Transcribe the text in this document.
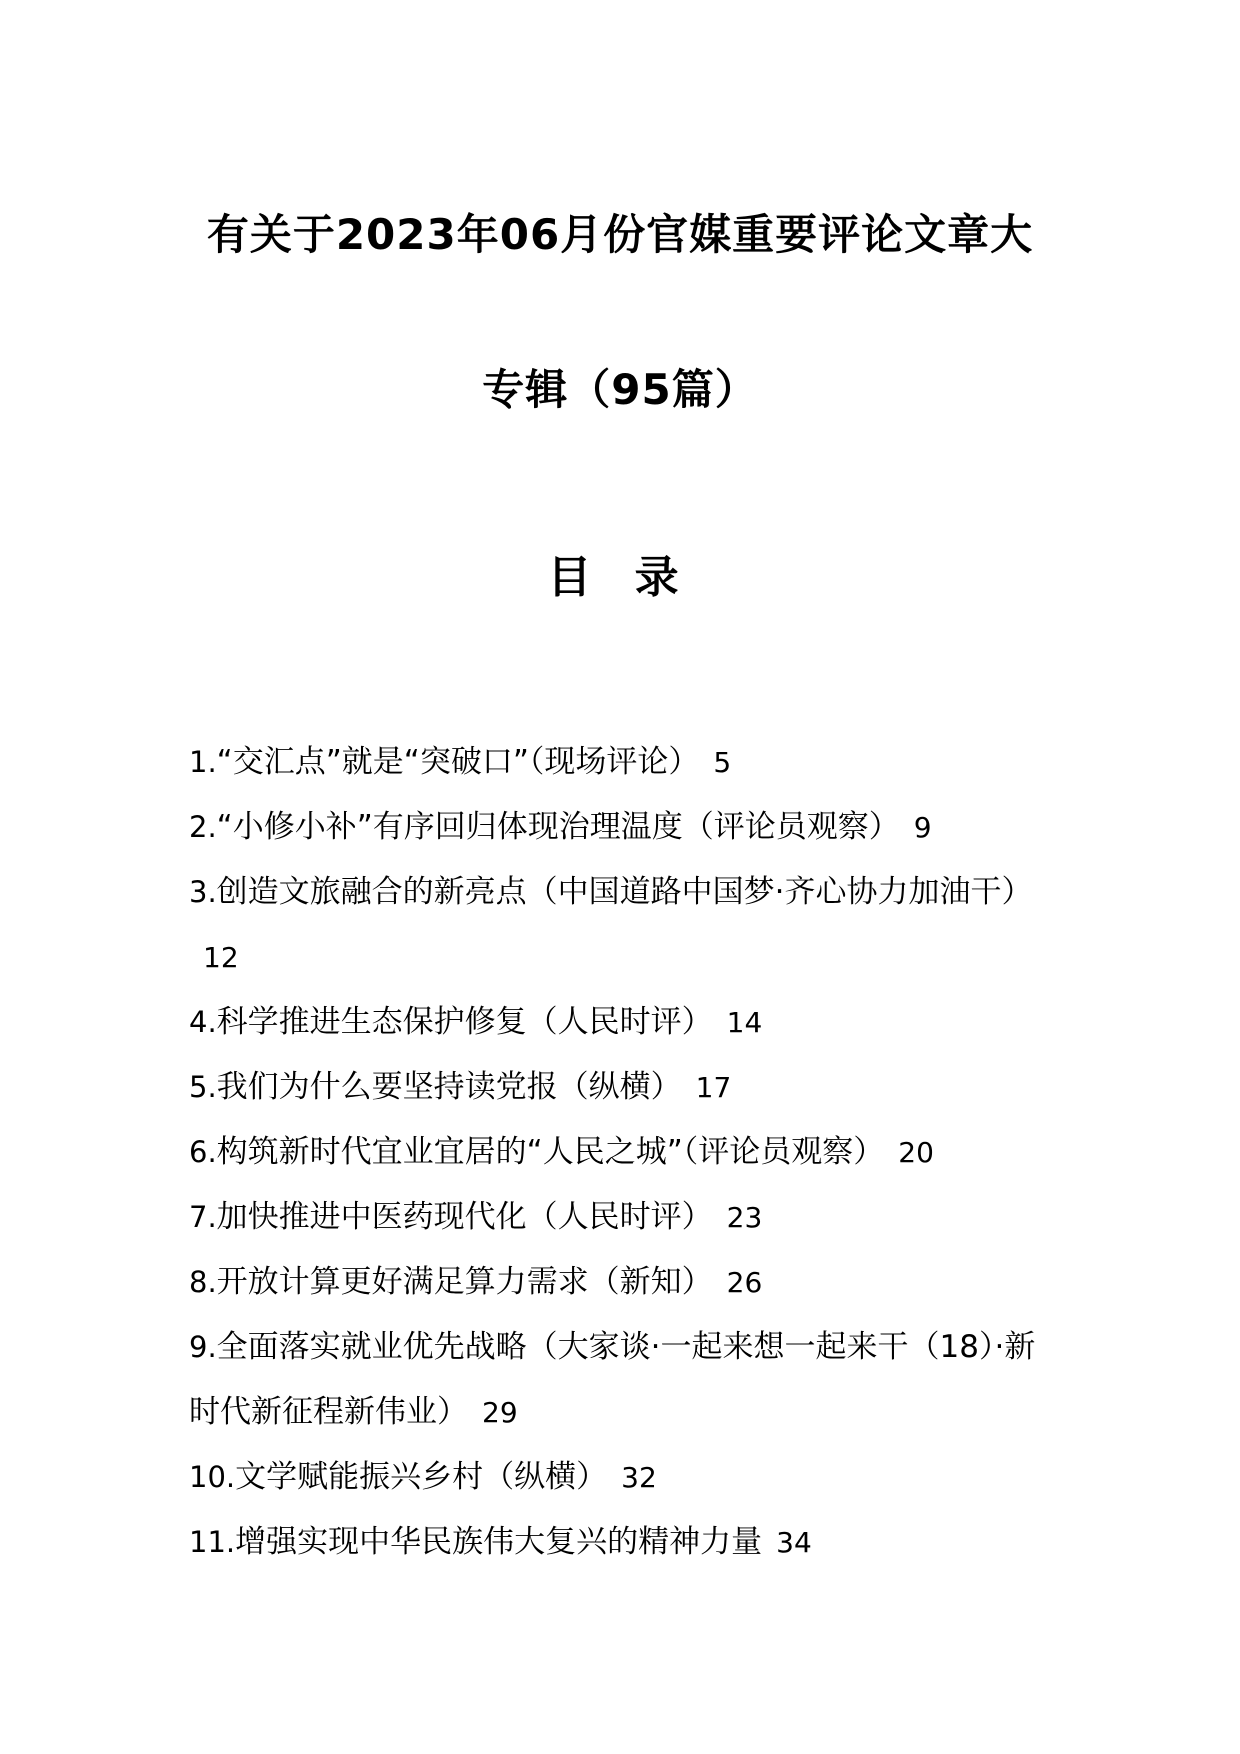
有关于2023年06月份官媒重要评论文章大
专辑（95篇）
目 录
1.“交汇点”就是“突破口”（现场评论） 5
2.“小修小补”有序回归体现治理温度（评论员观察） 9
3.创造文旅融合的新亮点（中国道路中国梦·齐心协力加油干）12
4.科学推进生态保护修复（人民时评） 14
5.我们为什么要坚持读党报（纵横） 17
6.构筑新时代宜业宜居的“人民之城”（评论员观察） 20
7.加快推进中医药现代化（人民时评） 23
8.开放计算更好满足算力需求（新知） 26
9.全面落实就业优先战略（大家谈·一起来想一起来干（18）·新时代新征程新伟业） 29
10.文学赋能振兴乡村（纵横） 32
11.增强实现中华民族伟大复兴的精神力量 34
